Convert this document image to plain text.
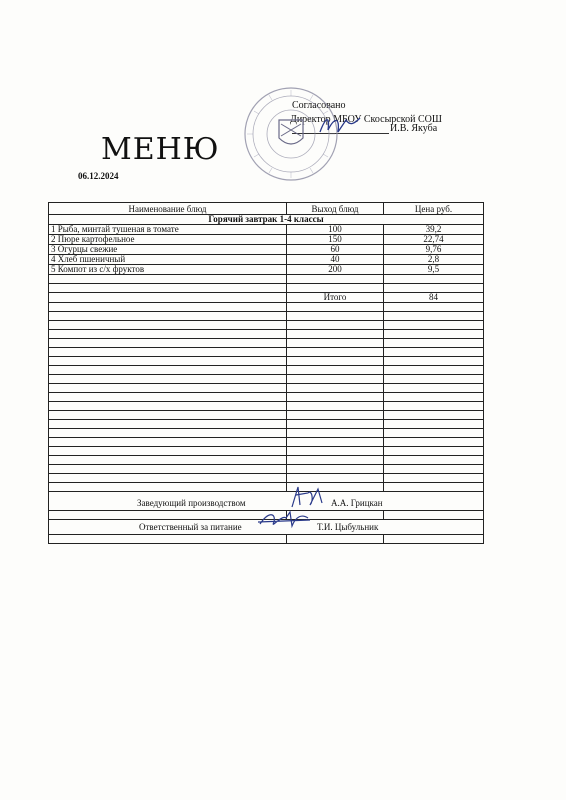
Согласовано
Директор МБОУ Скосырской СОШ
И.В. Якуба
МЕНЮ
06.12.2024
Наименование блюд	Выход блюд	Цена руб.
Горячий завтрак 1-4 классы		
1 Рыба, минтай тушеная в томате	100	39,2
2 Пюре картофельное	150	22,74
3 Огурцы свежие	60	9,76
4 Хлеб пшеничный	40	2,8
5 Компот из с/х фруктов	200	9,5

	Итого	84

Заведующий производством А.А. Грицкан		

Ответственный за питание Т.И. Цыбульник		
